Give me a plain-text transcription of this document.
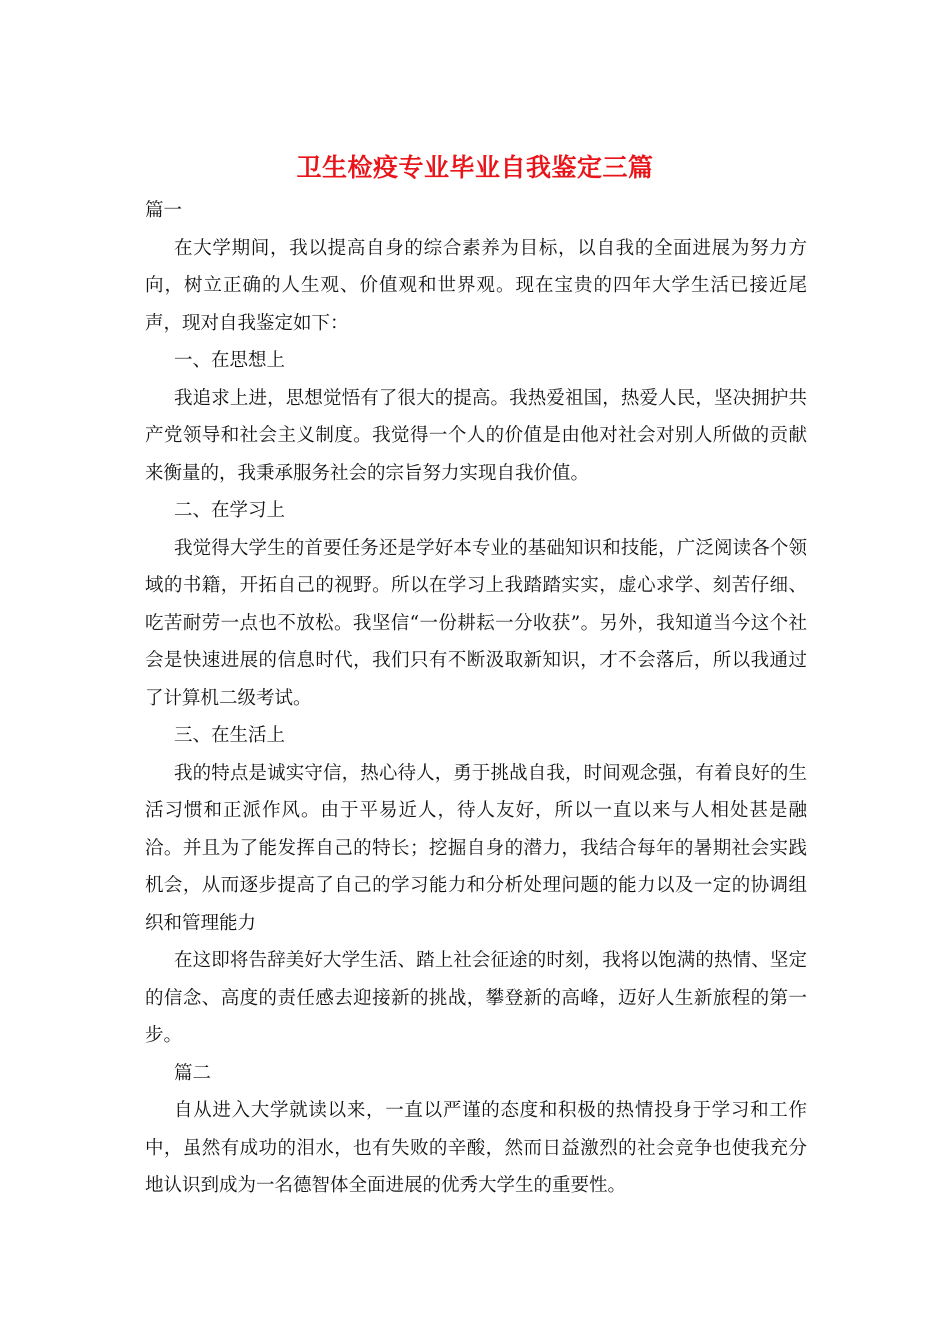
卫生检疫专业毕业自我鉴定三篇

篇一

在大学期间，我以提高自身的综合素养为目标，以自我的全面进展为努力方向，树立正确的人生观、价值观和世界观。现在宝贵的四年大学生活已接近尾声，现对自我鉴定如下：

一、在思想上

我追求上进，思想觉悟有了很大的提高。我热爱祖国，热爱人民，坚决拥护共产党领导和社会主义制度。我觉得一个人的价值是由他对社会对别人所做的贡献来衡量的，我秉承服务社会的宗旨努力实现自我价值。

二、在学习上

我觉得大学生的首要任务还是学好本专业的基础知识和技能，广泛阅读各个领域的书籍，开拓自己的视野。所以在学习上我踏踏实实，虚心求学、刻苦仔细、吃苦耐劳一点也不放松。我坚信“一份耕耘一分收获”。另外，我知道当今这个社会是快速进展的信息时代，我们只有不断汲取新知识，才不会落后，所以我通过了计算机二级考试。

三、在生活上

我的特点是诚实守信，热心待人，勇于挑战自我，时间观念强，有着良好的生活习惯和正派作风。由于平易近人，待人友好，所以一直以来与人相处甚是融洽。并且为了能发挥自己的特长；挖掘自身的潜力，我结合每年的暑期社会实践机会，从而逐步提高了自己的学习能力和分析处理问题的能力以及一定的协调组织和管理能力

在这即将告辞美好大学生活、踏上社会征途的时刻，我将以饱满的热情、坚定的信念、高度的责任感去迎接新的挑战，攀登新的高峰，迈好人生新旅程的第一步。

篇二

自从进入大学就读以来，一直以严谨的态度和积极的热情投身于学习和工作中，虽然有成功的泪水，也有失败的辛酸，然而日益激烈的社会竞争也使我充分地认识到成为一名德智体全面进展的优秀大学生的重要性。
